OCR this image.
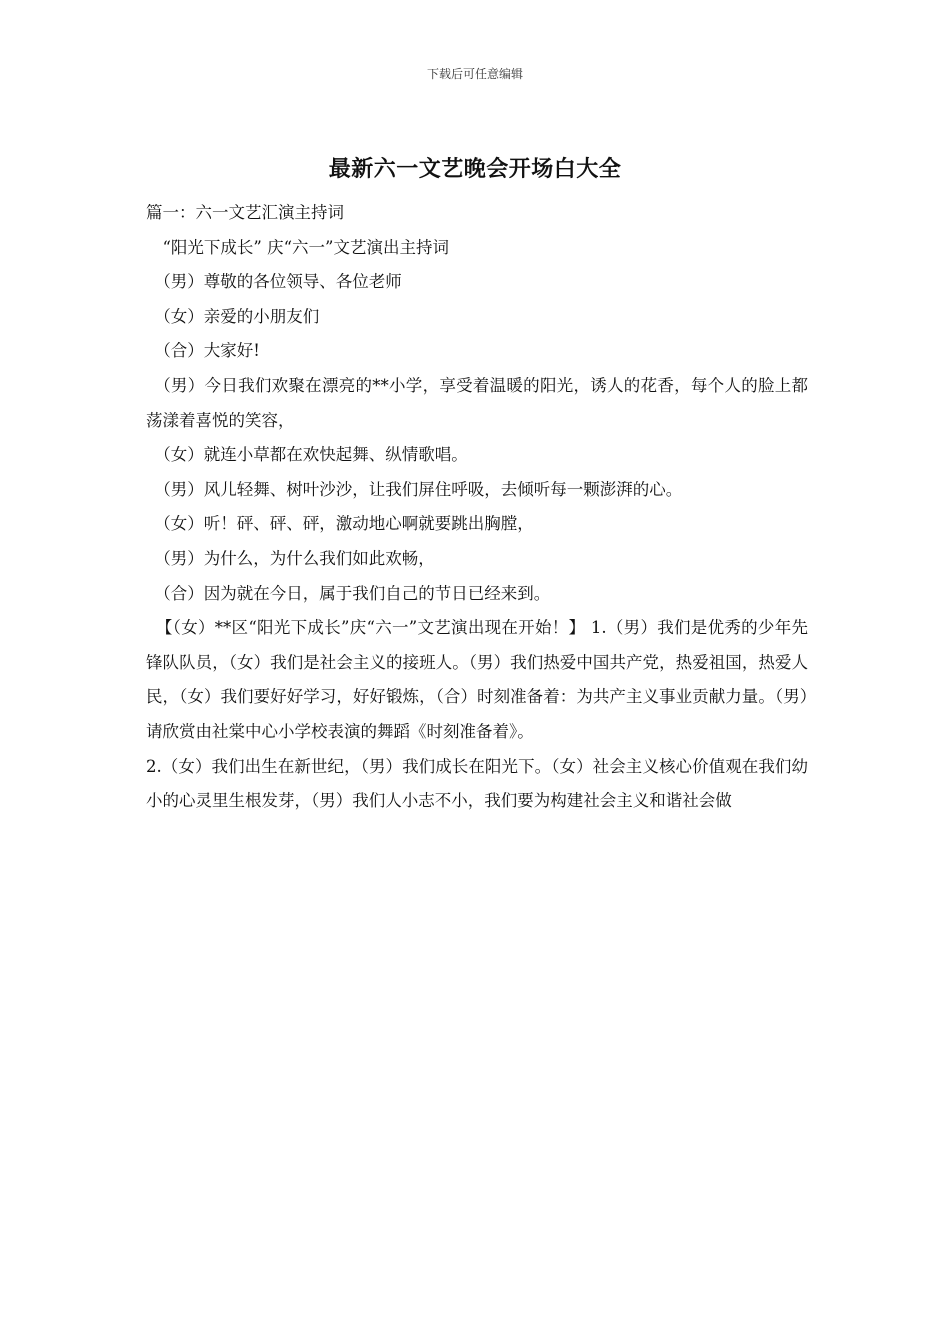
下载后可任意编辑
最新六一文艺晚会开场白大全

篇一：六一文艺汇演主持词

“阳光下成长” 庆“六一”文艺演出主持词

（男）尊敬的各位领导、各位老师

（女）亲爱的小朋友们

（合）大家好!

（男）今日我们欢聚在漂亮的**小学，享受着温暖的阳光，诱人的花香，每个人的脸上都荡漾着喜悦的笑容，

（女）就连小草都在欢快起舞、纵情歌唱。

（男）风儿轻舞、树叶沙沙，让我们屏住呼吸，去倾听每一颗澎湃的心。

（女）听！砰、砰、砰，激动地心啊就要跳出胸膛，

（男）为什么，为什么我们如此欢畅，

（合）因为就在今日，属于我们自己的节日已经来到。

【（女）**区“阳光下成长”庆“六一”文艺演出现在开始！】 1.（男）我们是优秀的少年先锋队队员，（女）我们是社会主义的接班人。（男）我们热爱中国共产党，热爱祖国，热爱人民，（女）我们要好好学习，好好锻炼，（合）时刻准备着：为共产主义事业贡献力量。（男）请欣赏由社棠中心小学校表演的舞蹈《时刻准备着》。

2.（女）我们出生在新世纪，（男）我们成长在阳光下。（女）社会主义核心价值观在我们幼小的心灵里生根发芽，（男）我们人小志不小，我们要为构建社会主义和谐社会做
